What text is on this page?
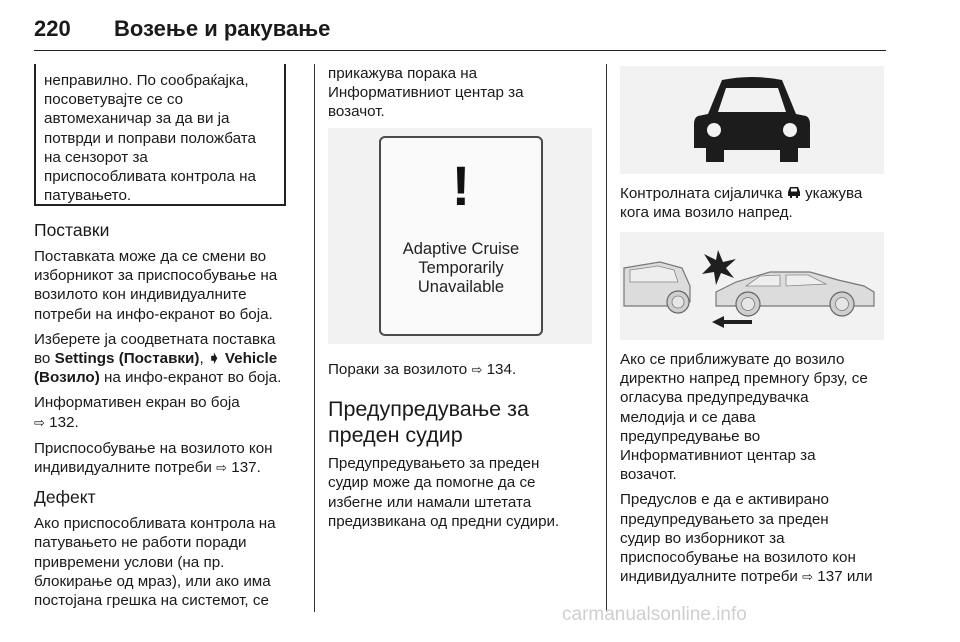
220 Возење и ракување
неправилно. По сообраќајка,
посоветувајте се со
автомеханичар за да ви ја
потврди и поправи положбата
на сензорот за
приспособливата контрола на
патувањето.
Поставки

Поставката може да се смени во
изборникот за приспособување на
возилото кон индивидуалните
потреби на инфо-екранот во боја.

Изберете ја соодветната поставка
во Settings (Поставки), ➧ Vehicle
(Возило) на инфо-екранот во боја.

Информативен екран во боја
⇨ 132.

Приспособување на возилото кон
индивидуалните потреби ⇨ 137.

Дефект

Ако приспособливата контрола на
патувањето не работи поради
привремени услови (на пр.
блокирање од мраз), или ако има
постојана грешка на системот, се

прикажува порака на
Информативниот центар за
возачот.

!
Adaptive Cruise
Temporarily
Unavailable

Пораки за возилото ⇨ 134.

Предупредување за
преден судир

Предупредувањето за преден
судир може да помогне да се
избегне или намали штетата
предизвикана од предни судири.

Контролната сијаличка укажува
кога има возило напред.

Ако се приближувате до возило
директно напред премногу брзу, се
огласува предупредувачка
мелодија и се дава
предупредување во
Информативниот центар за
возачот.

Предуслов е да е активирано
предупредувањето за преден
судир во изборникот за
приспособување на возилото кон
индивидуалните потреби ⇨ 137 или

carmanualsonline.info
